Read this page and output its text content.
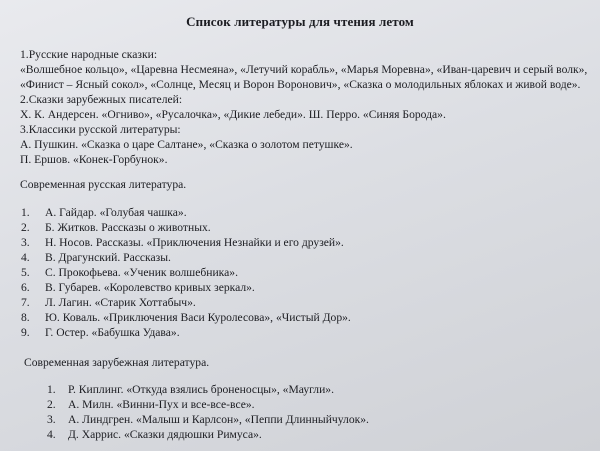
Список литературы для чтения летом
1.Русские народные сказки:
«Волшебное кольцо», «Царевна Несмеяна», «Летучий корабль», «Марья Моревна», «Иван-царевич и серый волк»,
«Финист – Ясный сокол», «Солнце, Месяц и Ворон Воронович», «Сказка о молодильных яблоках и живой воде».
2.Сказки зарубежных писателей:
Х. К. Андерсен. «Огниво», «Русалочка», «Дикие лебеди». Ш. Перро. «Синяя Борода».
3.Классики русской литературы:
А. Пушкин. «Сказка о царе Салтане», «Сказка о золотом петушке».
П. Ершов. «Конек-Горбунок».
Современная русская литература.
1. А. Гайдар. «Голубая чашка».
2. Б. Житков. Рассказы о животных.
3. Н. Носов. Рассказы. «Приключения Незнайки и его друзей».
4. В. Драгунский. Рассказы.
5. С. Прокофьева. «Ученик волшебника».
6. В. Губарев. «Королевство кривых зеркал».
7. Л. Лагин. «Старик Хоттабыч».
8. Ю. Коваль. «Приключения Васи Куролесова», «Чистый Дор».
9. Г. Остер. «Бабушка Удава».
Современная зарубежная литература.
1. Р. Киплинг. «Откуда взялись броненосцы», «Маугли».
2. А. Милн. «Винни-Пух и все-все-все».
3. А. Линдгрен. «Малыш и Карлсон», «Пеппи Длинныйчулок».
4. Д. Харрис. «Сказки дядюшки Римуса».
